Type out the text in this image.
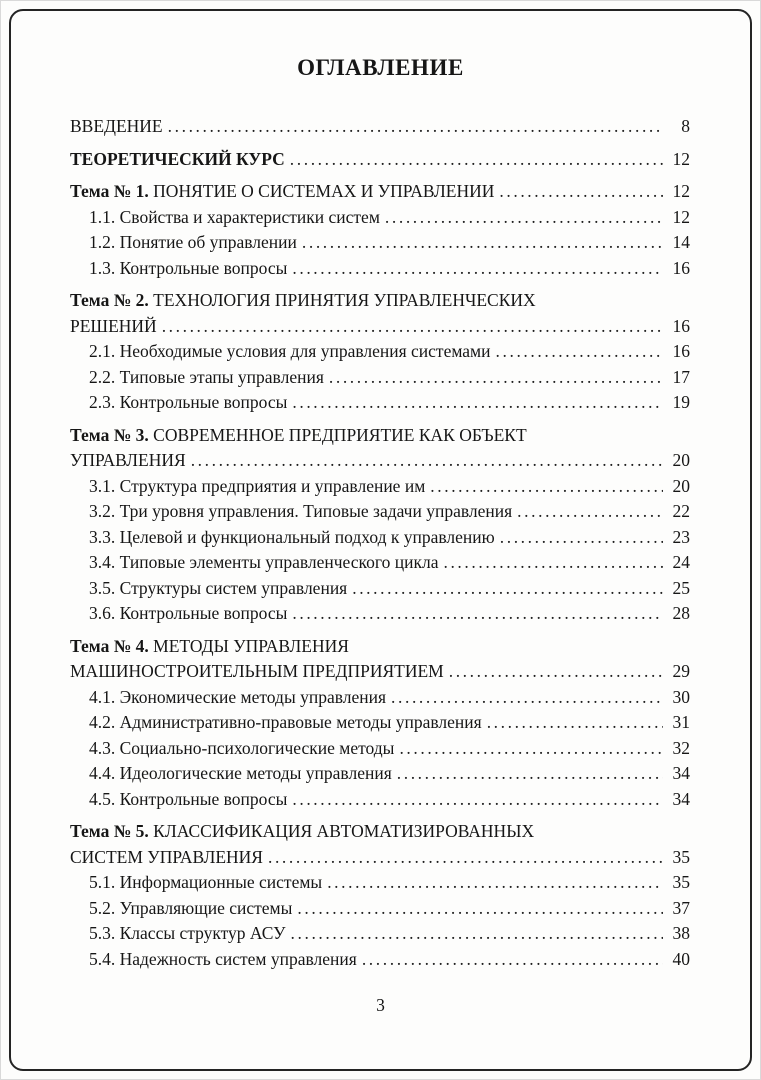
ОГЛАВЛЕНИЕ
ВВЕДЕНИЕ .....	8
ТЕОРЕТИЧЕСКИЙ КУРС .....	12
Тема № 1. ПОНЯТИЕ О СИСТЕМАХ И УПРАВЛЕНИИ .....	12
1.1. Свойства и характеристики систем .....	12
1.2. Понятие об управлении .....	14
1.3. Контрольные вопросы .....	16
Тема № 2. ТЕХНОЛОГИЯ ПРИНЯТИЯ УПРАВЛЕНЧЕСКИХ
РЕШЕНИЙ .....	16
2.1. Необходимые условия для управления системами .....	16
2.2. Типовые этапы управления .....	17
2.3. Контрольные вопросы .....	19
Тема № 3. СОВРЕМЕННОЕ ПРЕДПРИЯТИЕ КАК ОБЪЕКТ
УПРАВЛЕНИЯ .....	20
3.1. Структура предприятия и управление им .....	20
3.2. Три уровня управления. Типовые задачи управления .....	22
3.3. Целевой и функциональный подход к управлению .....	23
3.4. Типовые элементы управленческого цикла .....	24
3.5. Структуры систем управления .....	25
3.6. Контрольные вопросы .....	28
Тема № 4. МЕТОДЫ УПРАВЛЕНИЯ
МАШИНОСТРОИТЕЛЬНЫМ ПРЕДПРИЯТИЕМ .....	29
4.1. Экономические методы управления .....	30
4.2. Административно-правовые методы управления .....	31
4.3. Социально-психологические методы .....	32
4.4. Идеологические методы управления .....	34
4.5. Контрольные вопросы .....	34
Тема № 5. КЛАССИФИКАЦИЯ АВТОМАТИЗИРОВАННЫХ
СИСТЕМ УПРАВЛЕНИЯ .....	35
5.1. Информационные системы .....	35
5.2. Управляющие системы .....	37
5.3. Классы структур АСУ .....	38
5.4. Надежность систем управления .....	40
3
